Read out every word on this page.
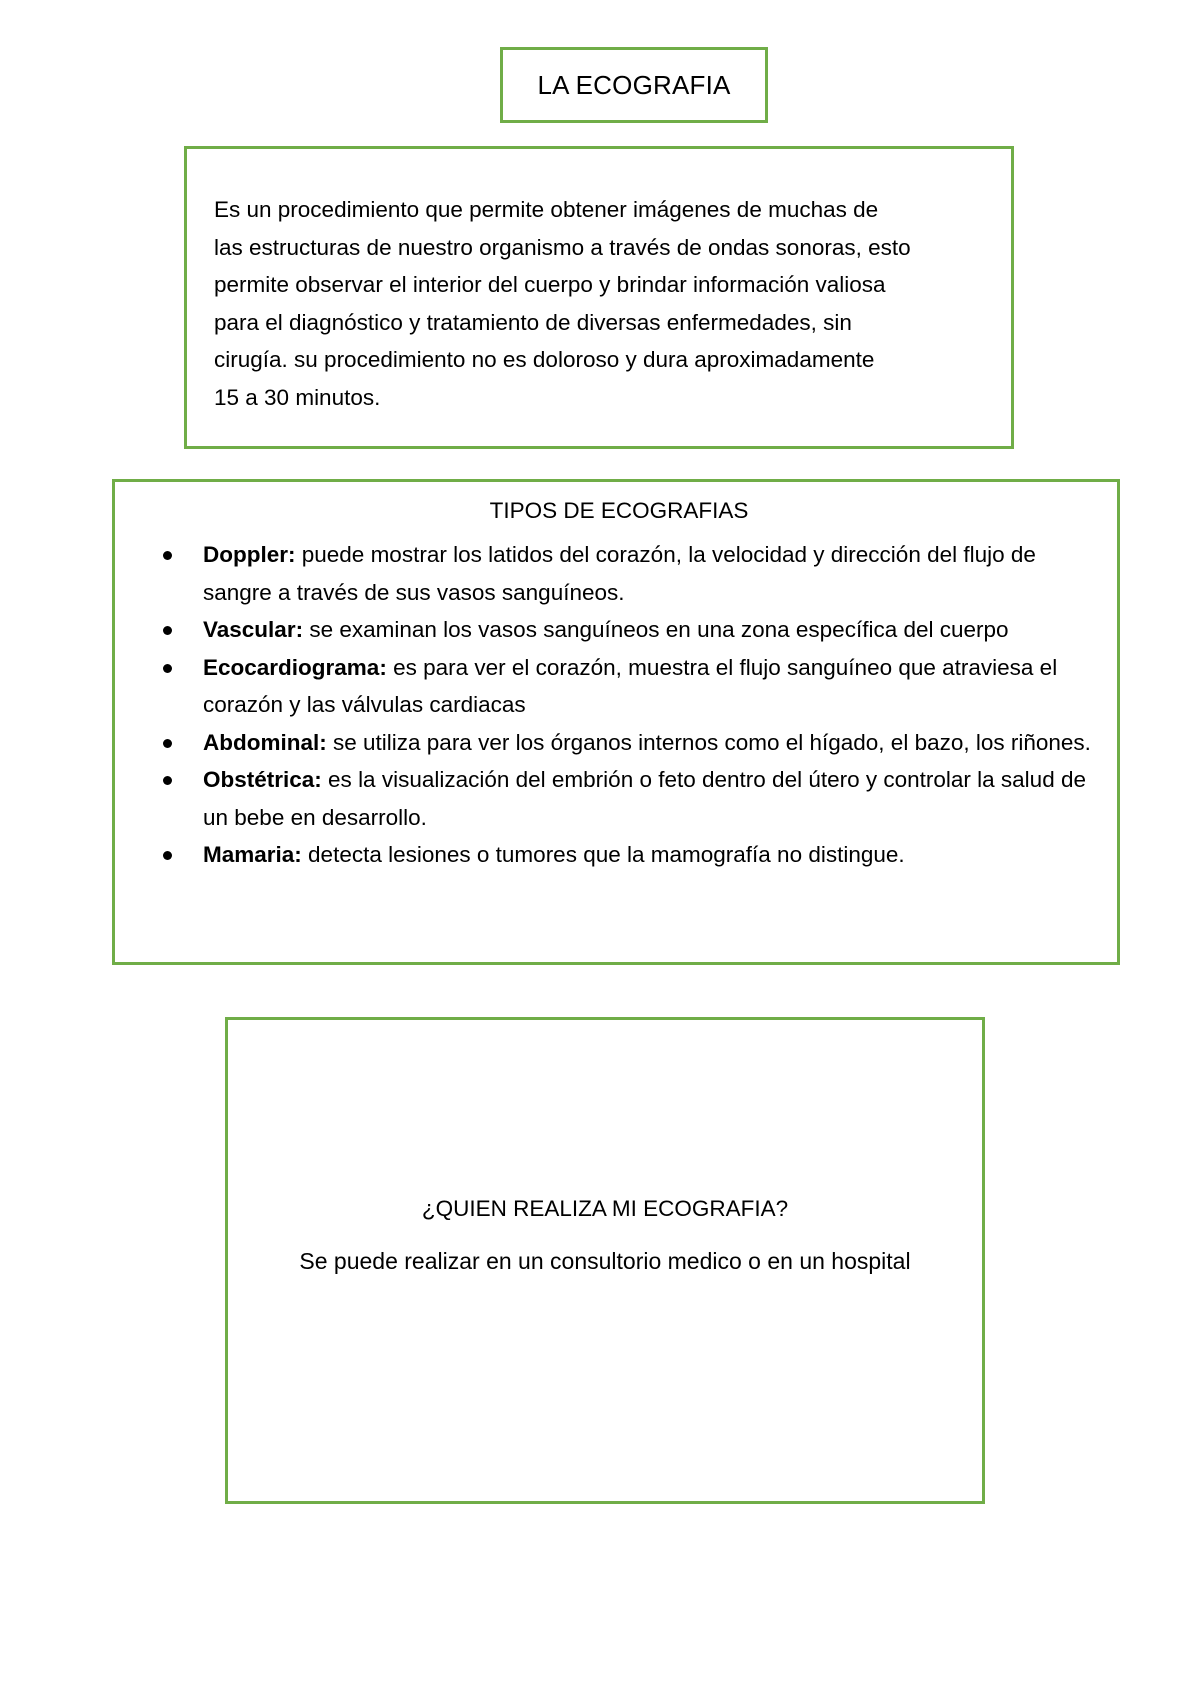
LA ECOGRAFIA

Es un procedimiento que permite obtener imágenes de muchas de
las estructuras de nuestro organismo a través de ondas sonoras, esto
permite observar el interior del cuerpo y brindar información valiosa
para el diagnóstico y tratamiento de diversas enfermedades, sin
cirugía. su procedimiento no es doloroso y dura aproximadamente
15 a 30 minutos.

TIPOS DE ECOGRAFIAS

Doppler: puede mostrar los latidos del corazón, la velocidad y dirección del flujo de sangre a través de sus vasos sanguíneos.
Vascular: se examinan los vasos sanguíneos en una zona específica del cuerpo
Ecocardiograma: es para ver el corazón, muestra el flujo sanguíneo que atraviesa el corazón y las válvulas cardiacas
Abdominal: se utiliza para ver los órganos internos como el hígado, el bazo, los riñones.
Obstétrica: es la visualización del embrión o feto dentro del útero y controlar la salud de un bebe en desarrollo.
Mamaria: detecta lesiones o tumores que la mamografía no distingue.

¿QUIEN REALIZA MI ECOGRAFIA?

Se puede realizar en un consultorio medico o en un hospital
